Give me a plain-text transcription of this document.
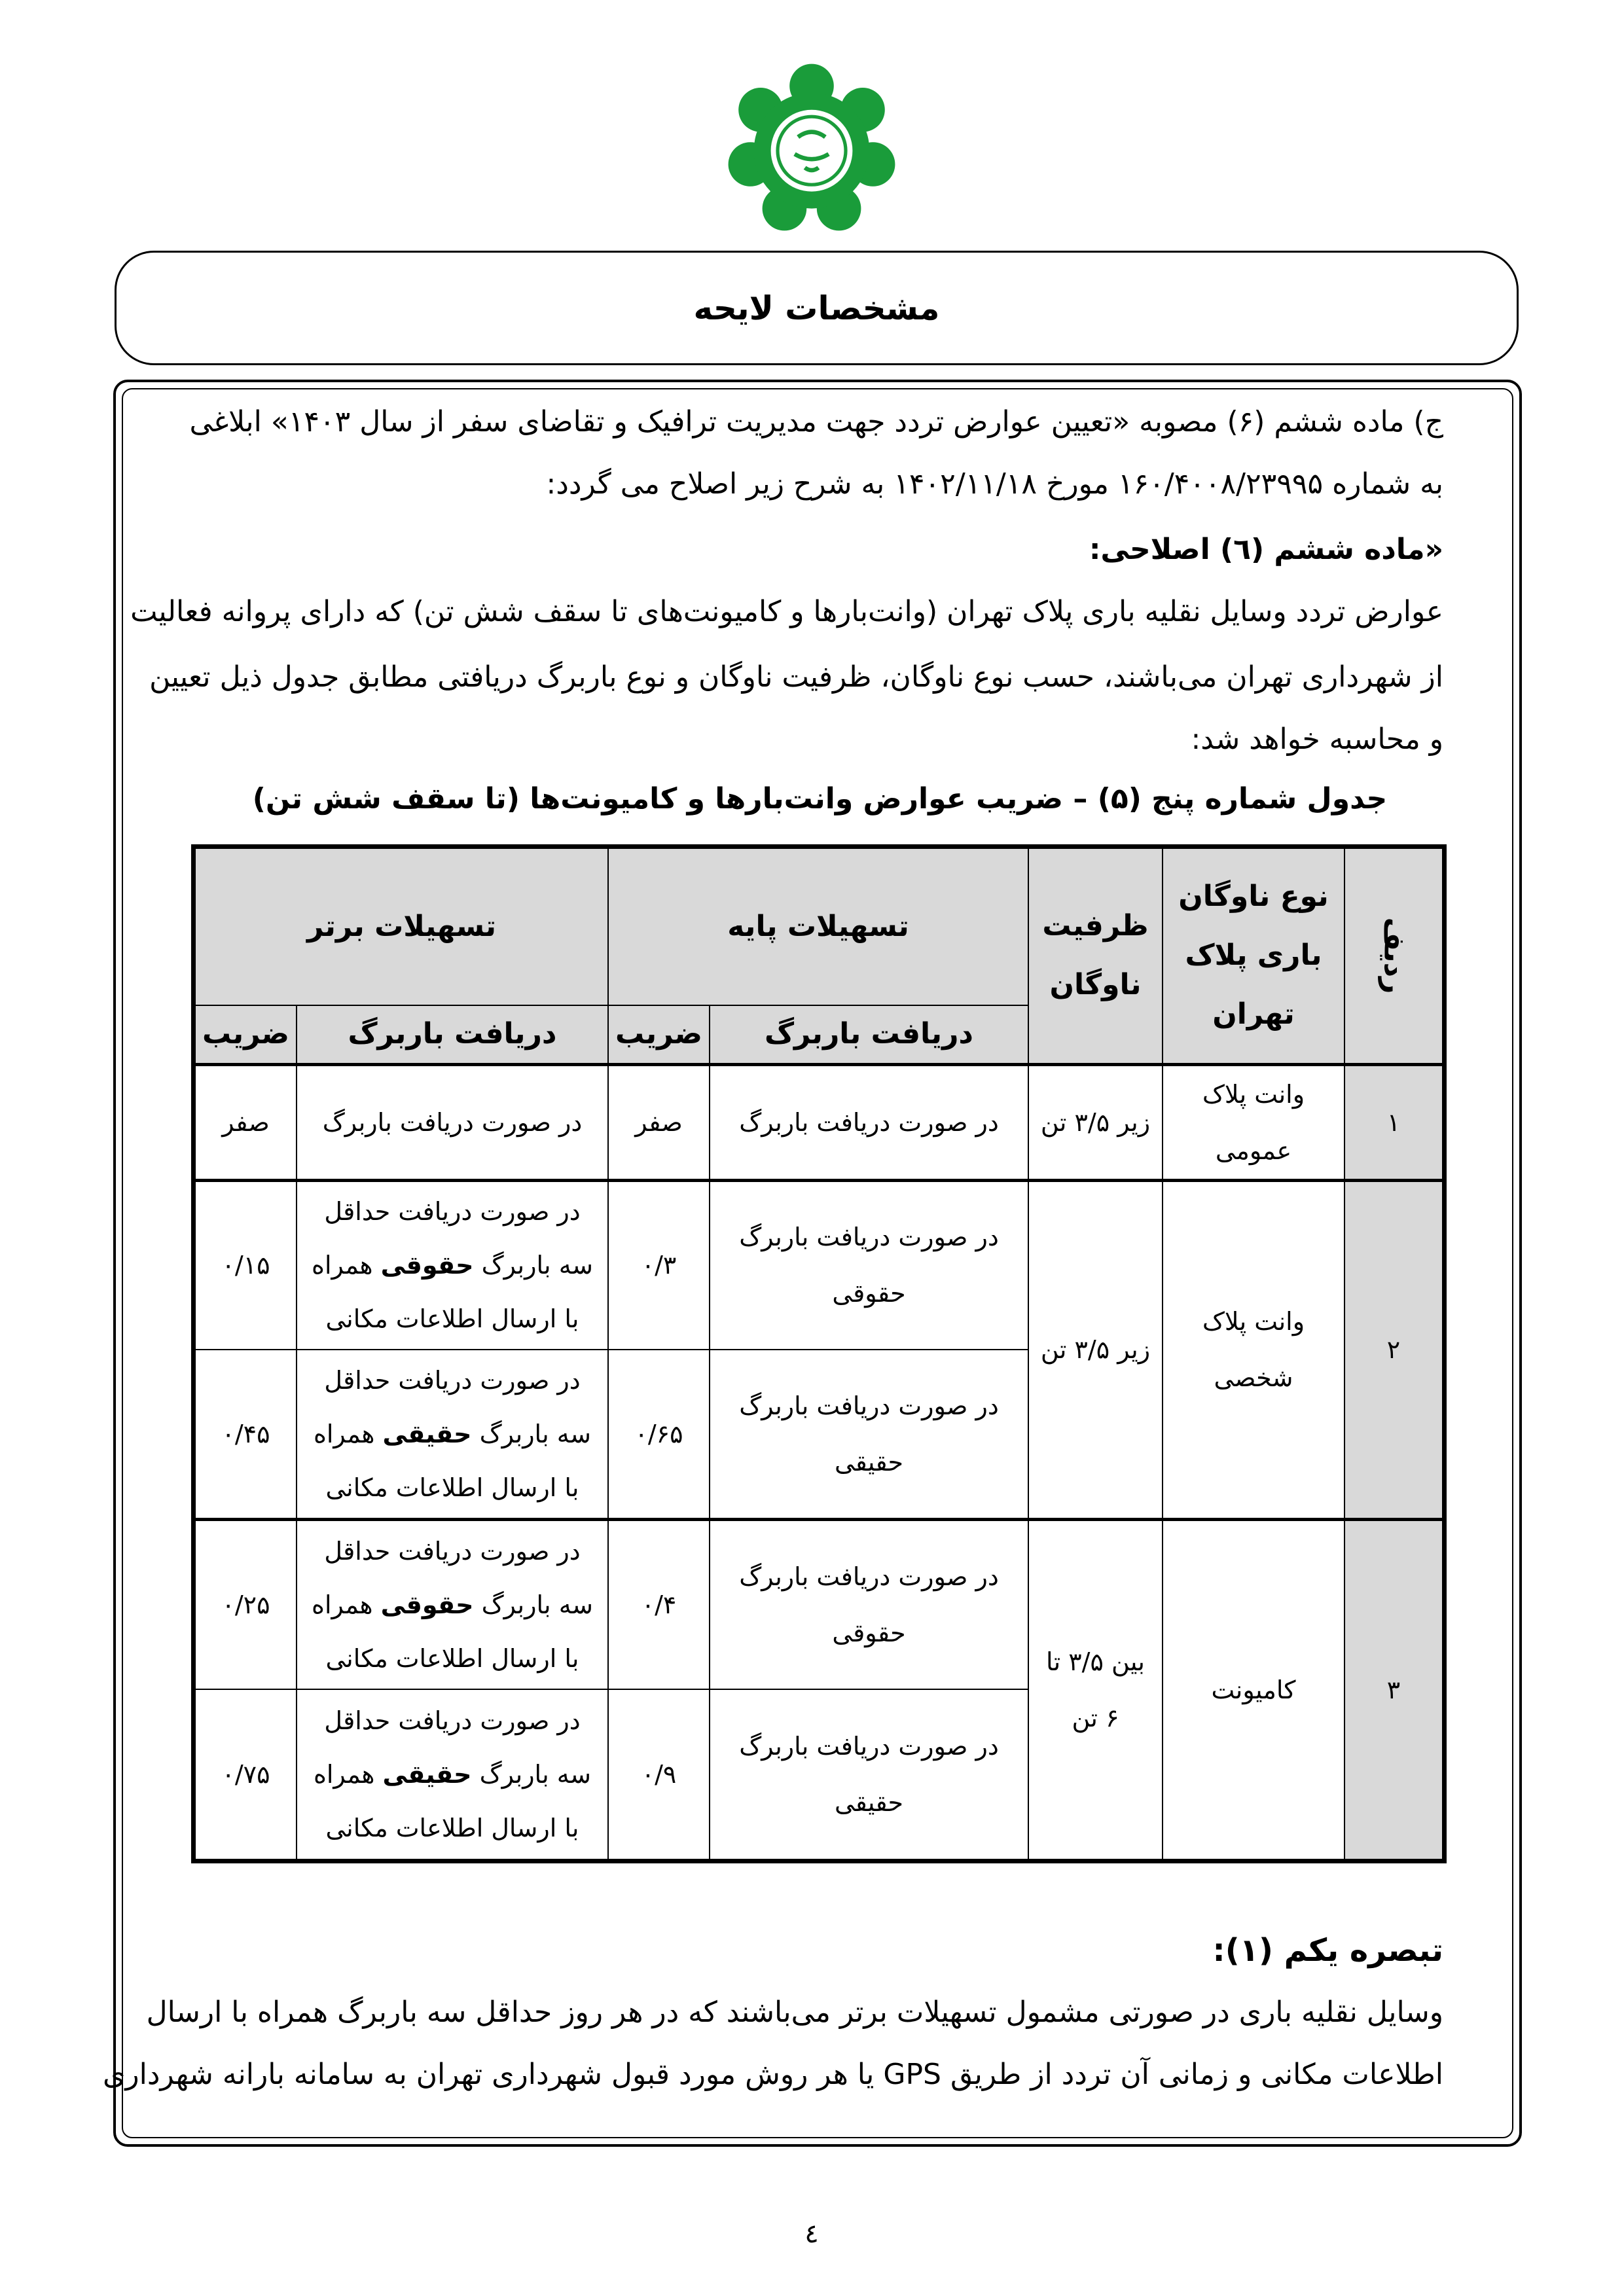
مشخصات لایحه
ج) ماده ششم (۶) مصوبه «تعیین عوارض تردد جهت مدیریت ترافیک و تقاضای سفر از سال ۱۴۰۳» ابلاغی
به شماره ۱۶۰/۴۰۰۸/۲۳۹۹۵ مورخ ۱۴۰۲/۱۱/۱۸ به شرح زیر اصلاح می گردد:
«ماده ششم (٦) اصلاحی:
عوارض تردد وسایل نقلیه باری پلاک تهران (وانت‌بارها و کامیونت‌های تا سقف شش تن) که دارای پروانه فعالیت
از شهرداری تهران می‌باشند، حسب نوع ناوگان، ظرفیت ناوگان و نوع باربرگ دریافتی مطابق جدول ذیل تعیین
و محاسبه خواهد شد:
جدول شماره پنج (۵) – ضریب عوارض وانت‌بارها و کامیونت‌ها (تا سقف شش تن)
ردیف	نوع ناوگان باری پلاک تهران	ظرفیت ناوگان	تسهیلات پایه		تسهیلات برتر	
			دریافت باربرگ	ضریب	دریافت باربرگ	ضریب
۱	وانت پلاک عمومی	زیر ۳/۵ تن	در صورت دریافت باربرگ	صفر	در صورت دریافت باربرگ	صفر
۲	وانت پلاک شخصی	زیر ۳/۵ تن	در صورت دریافت باربرگ حقوقی	۰/۳	در صورت دریافت حداقل سه باربرگ حقوقی همراه با ارسال اطلاعات مکانی	۰/۱۵
			در صورت دریافت باربرگ حقیقی	۰/۶۵	در صورت دریافت حداقل سه باربرگ حقیقی همراه با ارسال اطلاعات مکانی	۰/۴۵
۳	کامیونت	بین ۳/۵ تا ۶ تن	در صورت دریافت باربرگ حقوقی	۰/۴	در صورت دریافت حداقل سه باربرگ حقوقی همراه با ارسال اطلاعات مکانی	۰/۲۵
			در صورت دریافت باربرگ حقیقی	۰/۹	در صورت دریافت حداقل سه باربرگ حقیقی همراه با ارسال اطلاعات مکانی	۰/۷۵
تبصره یکم (۱):
وسایل نقلیه باری در صورتی مشمول تسهیلات برتر می‌باشند که در هر روز حداقل سه باربرگ همراه با ارسال
اطلاعات مکانی و زمانی آن تردد از طریق GPS یا هر روش مورد قبول شهرداری تهران به سامانه بارانه شهرداری
٤
